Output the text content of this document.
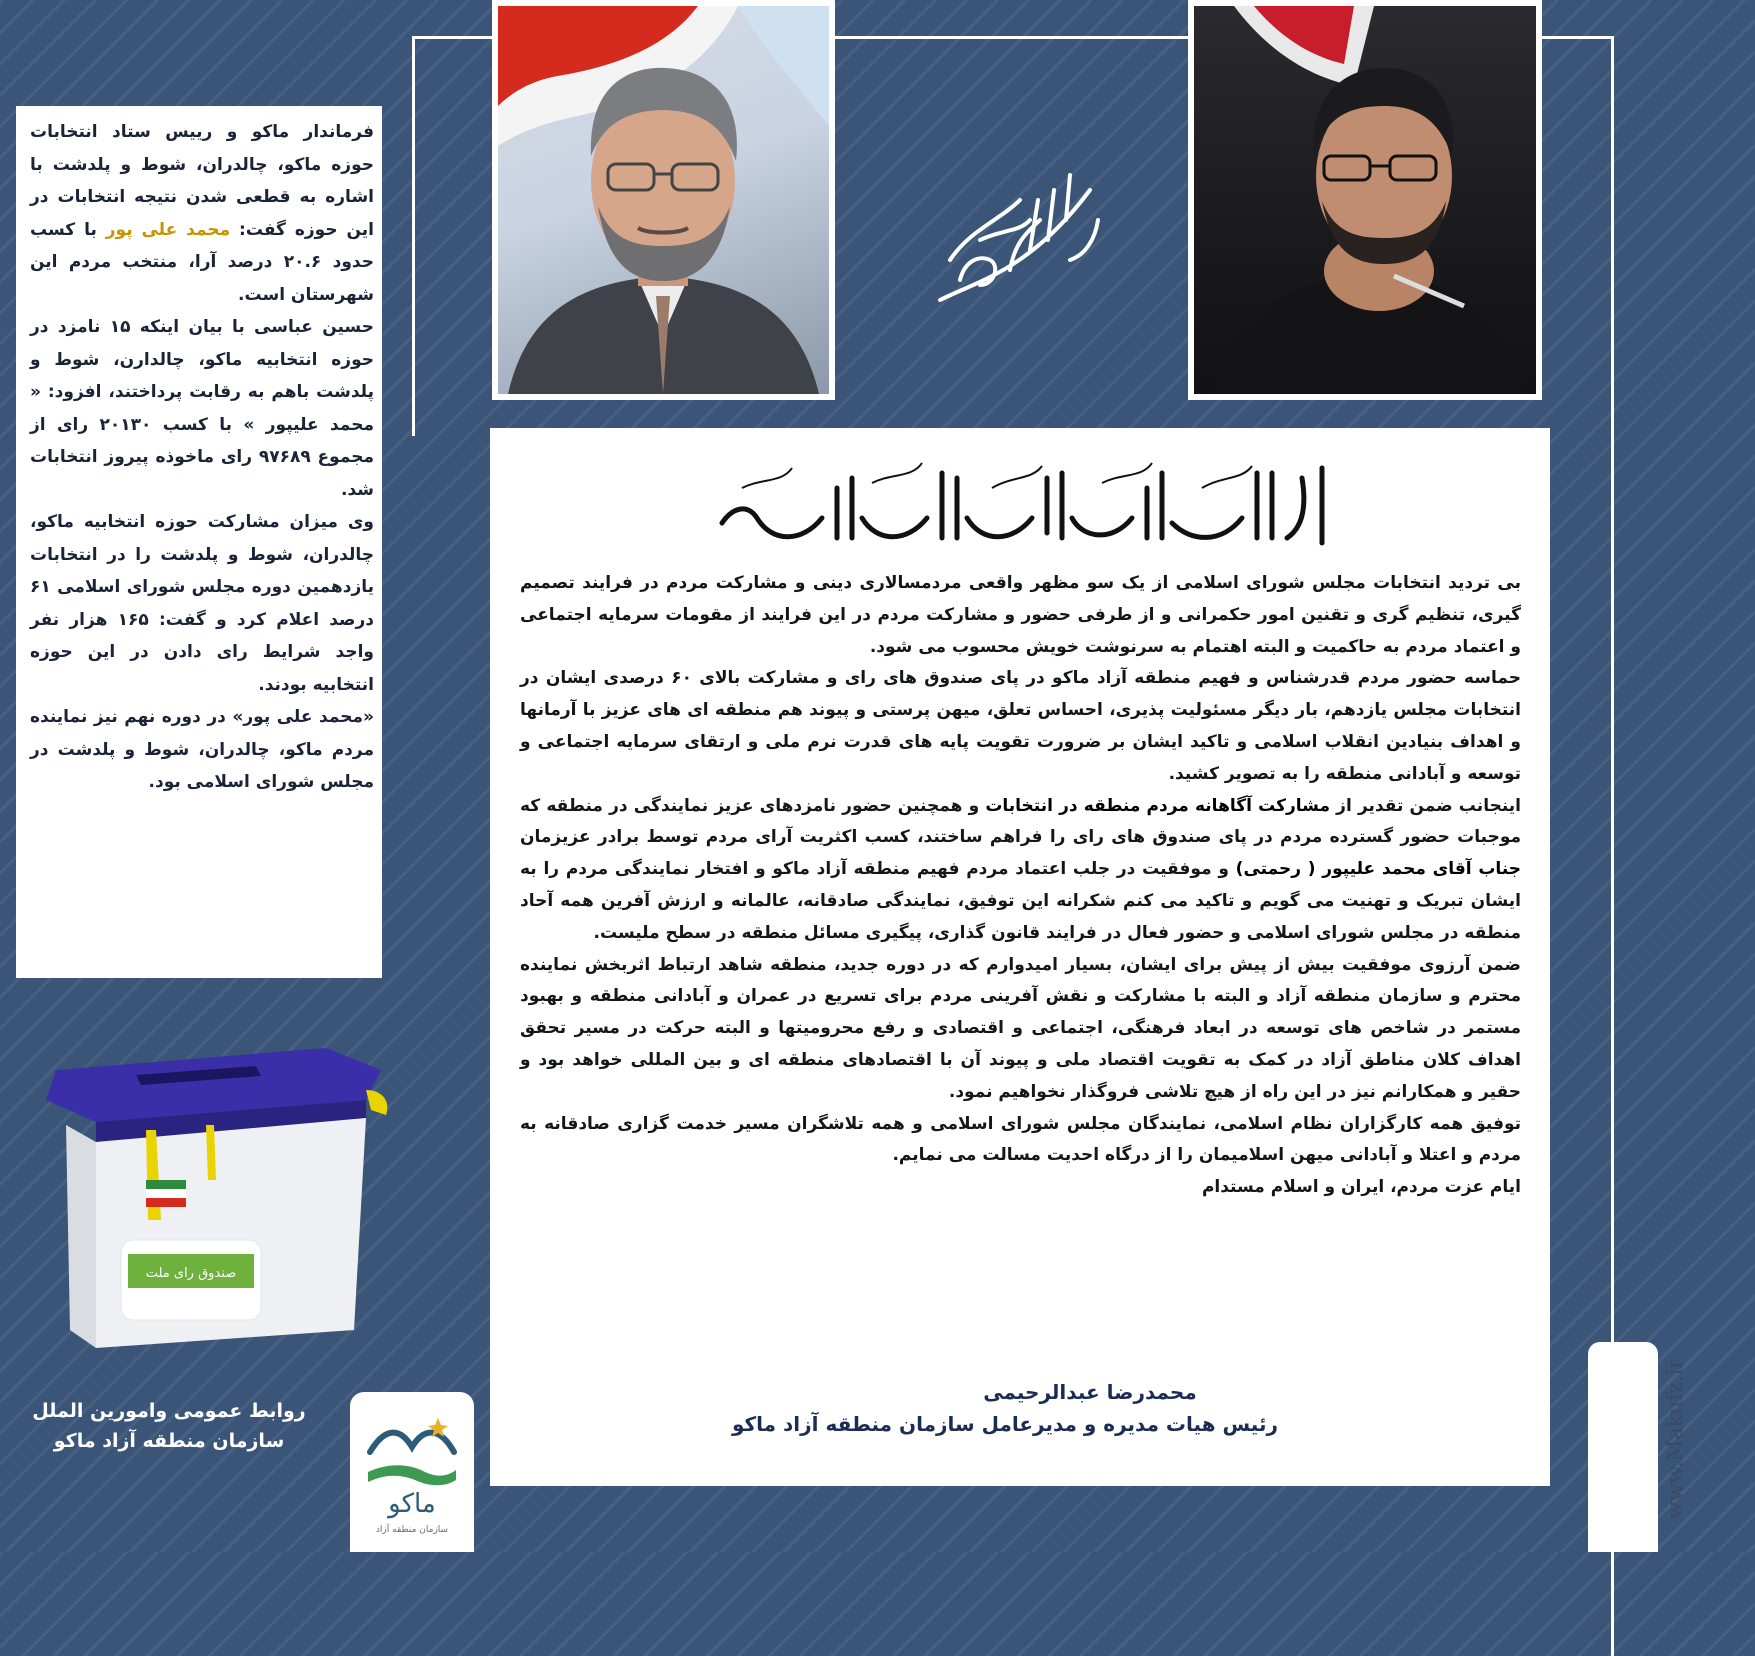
فرماندار ماکو و رییس ستاد انتخابات حوزه ماکو، چالدران، شوط و پلدشت با اشاره به قطعی شدن نتیجه انتخابات در این حوزه گفت: محمد علی پور با کسب حدود ۲۰.۶ درصد آرا، منتخب مردم این شهرستان است.

حسین عباسی با بیان اینکه ۱۵ نامزد در حوزه انتخابیه ماکو، چالدارن، شوط و پلدشت باهم به رقابت پرداختند، افزود: « محمد علیپور » با کسب ۲۰۱۳۰ رای از مجموع ۹۷۶۸۹ رای ماخوذه پیروز انتخابات شد.

وی میزان مشارکت حوزه انتخابیه ماکو، چالدران، شوط و پلدشت را در انتخابات یازدهمین دوره مجلس شورای اسلامی ۶۱ درصد اعلام کرد و گفت: ۱۶۵ هزار نفر واجد شرایط رای دادن در این حوزه انتخابیه بودند.

«محمد علی پور» در دوره نهم نیز نماینده مردم ماکو، چالدران، شوط و پلدشت در مجلس شورای اسلامی بود.

بی تردید انتخابات مجلس شورای اسلامی از یک سو مظهر واقعی مردمسالاری دینی و مشارکت مردم در فرایند تصمیم گیری، تنظیم گری و تقنین امور حکمرانی و از طرفی حضور و مشارکت مردم در این فرایند از مقومات سرمایه اجتماعی و اعتماد مردم به حاکمیت و البته اهتمام به سرنوشت خویش محسوب می شود.

حماسه حضور مردم قدرشناس و فهیم منطقه آزاد ماکو در پای صندوق های رای و مشارکت بالای ۶۰ درصدی ایشان در انتخابات مجلس یازدهم، بار دیگر مسئولیت پذیری، احساس تعلق، میهن پرستی و پیوند هم منطقه ای های عزیز با آرمانها و اهداف بنیادین انقلاب اسلامی و تاکید ایشان بر ضرورت تقویت پایه های قدرت نرم ملی و ارتقای سرمایه اجتماعی و توسعه و آبادانی منطقه را به تصویر کشید.

اینجانب ضمن تقدیر از مشارکت آگاهانه مردم منطقه در انتخابات و همچنین حضور نامزدهای عزیز نمایندگی در منطقه که موجبات حضور گسترده مردم در پای صندوق های رای را فراهم ساختند، کسب اکثریت آرای مردم توسط برادر عزیزمان جناب آقای محمد علیپور ( رحمتی) و موفقیت در جلب اعتماد مردم فهیم منطقه آزاد ماکو و افتخار نمایندگی مردم را به ایشان تبریک و تهنیت می گویم و تاکید می کنم شکرانه این توفیق، نمایندگی صادقانه، عالمانه و ارزش آفرین همه آحاد منطقه در مجلس شورای اسلامی و حضور فعال در فرایند قانون گذاری، پیگیری مسائل منطقه در سطح ملیست.

ضمن آرزوی موفقیت بیش از پیش برای ایشان، بسیار امیدوارم که در دوره جدید، منطقه شاهد ارتباط اثربخش نماینده محترم و سازمان منطقه آزاد و البته با مشارکت و نقش آفرینی مردم برای تسریع در عمران و آبادانی منطقه و بهبود مستمر در شاخص های توسعه در ابعاد فرهنگی، اجتماعی و اقتصادی و رفع محرومیتها و البته حرکت در مسیر تحقق اهداف کلان مناطق آزاد در کمک به تقویت اقتصاد ملی و پیوند آن با اقتصادهای منطقه ای و بین المللی خواهد بود و حقیر و همکارانم نیز در این راه از هیچ تلاشی فروگذار نخواهیم نمود.

توفیق همه کارگزاران نظام اسلامی، نمایندگان مجلس شورای اسلامی و همه تلاشگران مسیر خدمت گزاری صادقانه به مردم و اعتلا و آبادانی میهن اسلامیمان را از درگاه احدیت مسالت می نمایم.

ایام عزت مردم، ایران و اسلام مستدام

محمدرضا عبدالرحیمی
رئیس هیات مدیره و مدیرعامل سازمان منطقه آزاد ماکو
صندوق رای ملت
روابط عمومی وامورین الملل
سازمان منطقه آزاد ماکو
ماکو
سازمان منطقه آزاد
www.Makufz.ir
